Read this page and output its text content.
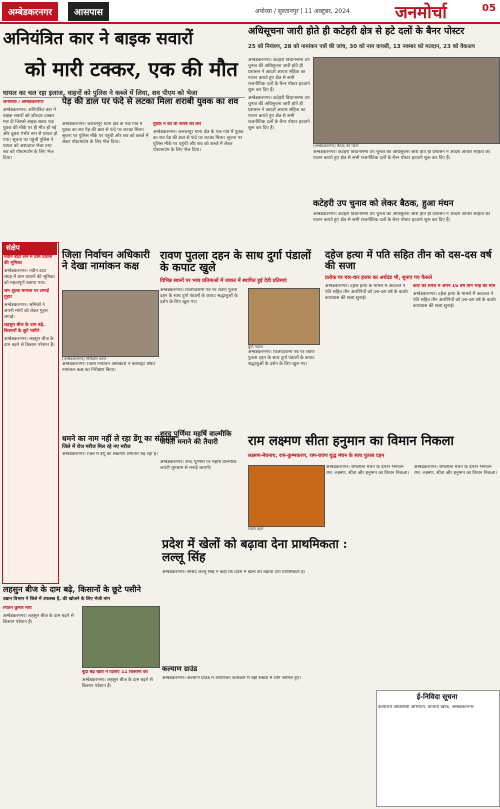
अम्बेडकरनगर	आसपास	अयोध्या / सुल्तानपुर | 11 अक्टूबर, 2024	जनमोर्चा	05
अनियंत्रित कार ने बाइक सवारों
को मारी टक्कर, एक की मौत
घायल का चल रहा इलाज, वाहनों को पुलिस ने कब्जे में लिया, शव पीएम को भेजा

जनमोर्चा / अम्बेडकरनगर

अम्बेडकरनगर। अनियंत्रित कार ने बाइक सवारों को जोरदार टक्कर मार दी जिससे बाइक सवार एक युवक की मौके पर ही मौत हो गई और दूसरा गंभीर रूप से घायल हो गया। सूचना पर पहुंची पुलिस ने घायल को अस्पताल भेजा तथा शव को पोस्टमार्टम के लिए भेज दिया।

पेड़ की डाल पर फंदे से लटका मिला शराबी युवक का शव

अम्बेडकरनगर। जलालपुर थाना क्षेत्र के एक गांव में युवक का शव पेड़ की डाल से फंदे पर लटका मिला। सूचना पर पुलिस मौके पर पहुंची और शव को कब्जे में लेकर पोस्टमार्टम के लिए भेज दिया।

युवक ने की थी शराब की लत

अम्बेडकरनगर। जलालपुर थाना क्षेत्र के एक गांव में युवक का शव पेड़ की डाल से फंदे पर लटका मिला। सूचना पर पुलिस मौके पर पहुंची और शव को कब्जे में लेकर पोस्टमार्टम के लिए भेज दिया।

अधिसूचना जारी होते ही कटेहरी क्षेत्र से हटे दलों के बैनर पोस्टर
25 को नियंत्रण, 28 को नामांकन पत्रों की जांच, 30 को नाम वापसी, 13 नवम्बर को मतदान, 23 को वेकअप

अम्बेडकरनगर। कटेहरी विधानसभा उप चुनाव की अधिसूचना जारी होते ही प्रशासन ने आदर्श आचार संहिता का पालन कराते हुए क्षेत्र से सभी राजनीतिक दलों के बैनर पोस्टर हटवाने शुरू कर दिए हैं।

अम्बेडकरनगर। कटेहरी विधानसभा उप चुनाव की अधिसूचना जारी होते ही प्रशासन ने आदर्श आचार संहिता का पालन कराते हुए क्षेत्र से सभी राजनीतिक दलों के बैनर पोस्टर हटवाने शुरू कर दिए हैं।

(अम्बेडकरनगर) बैठक की फोटो

अम्बेडकरनगर। कटेहरी विधानसभा उप चुनाव की अधिसूचना जारी होते ही प्रशासन ने आदर्श आचार संहिता का पालन कराते हुए क्षेत्र से सभी राजनीतिक दलों के बैनर पोस्टर हटवाने शुरू कर दिए हैं।

कटेहरी उप चुनाव को लेकर बैठक, हुआ मंथन

अम्बेडकरनगर। कटेहरी विधानसभा उप चुनाव की अधिसूचना जारी होते ही प्रशासन ने आदर्श आचार संहिता का पालन कराते हुए क्षेत्र से सभी राजनीतिक दलों के बैनर पोस्टर हटवाने शुरू कर दिए हैं।

संक्षेप

नवीन डाटा लेने में ग्राम प्रधानों की भूमिका

अम्बेडकरनगर। नवीन डाटा संग्रह में ग्राम प्रधानों की भूमिका को महत्वपूर्ण बताया गया।

श्रम शुल्क मामला पर लगाई गुहार

अम्बेडकरनगर। श्रमिकों ने अपनी मांगों को लेकर गुहार लगाई।

लहसुन बीज के दाम बढ़े, किसानों के छूटे पसीने

अम्बेडकरनगर। लहसुन बीज के दाम बढ़ने से किसान परेशान हैं।

जिला निर्वाचन अधिकारी ने देखा नामांकन कक्ष
(अम्बेडकरनगर) निरीक्षण करते

अम्बेडकरनगर। जिला निर्वाचन अधिकारी ने कलेक्ट्रेट स्थित नामांकन कक्ष का निरीक्षण किया।

धमने का नाम नहीं ले रहा डेंगू का संक्रमण
जिले में रोज मरीज मिल रहे नए मरीज

अम्बेडकरनगर। जिले में डेंगू का संक्रमण लगातार बढ़ रहा है।

रावण पुतला दहन के साथ दुर्गा पंडालों के कपाट खुले
विभिन्न स्थानों पर भव्य प्रतिमाओं में जाकर में स्थापित हुई देवी प्रतिमाएं

अम्बेडकरनगर। विजयदशमी पर्व पर रावण पुतला दहन के साथ दुर्गा पंडालों के कपाट श्रद्धालुओं के दर्शन के लिए खुल गए।

दुर्गा पंडाल

अम्बेडकरनगर। विजयदशमी पर्व पर रावण पुतला दहन के साथ दुर्गा पंडालों के कपाट श्रद्धालुओं के दर्शन के लिए खुल गए।

दहेज हत्या में पति सहित तीन को दस-दस वर्ष की सजा
प्रत्येक पर चार-चार हजार का अर्थदंड भी, सुनाए गए फैसले

अम्बेडकरनगर। दहेज हत्या के मामले में अदालत ने पति सहित तीन आरोपियों को दस-दस वर्ष के कठोर कारावास की सजा सुनाई।

कोर्ट की शपथ में अपने 16 वर्ष तीन भाह की मौत

अम्बेडकरनगर। दहेज हत्या के मामले में अदालत ने पति सहित तीन आरोपियों को दस-दस वर्ष के कठोर कारावास की सजा सुनाई।

शरद पूर्णिमा महर्षि वाल्मीकि जयंती मनाने की तैयारी

अम्बेडकरनगर। शरद पूर्णिमा पर महर्षि वाल्मीकि जयंती धूमधाम से मनाई जाएगी।

राम लक्ष्मण सीता हनुमान का विमान निकला
लक्ष्मण-मेघनाथ, राम-कुम्भकरण, राम-रावण युद्ध मंचन के साथ पुतला दहन
रावण दहन

अम्बेडकरनगर। रामलीला मंचन के दौरान भगवान राम, लक्ष्मण, सीता और हनुमान का विमान निकला।

अम्बेडकरनगर। रामलीला मंचन के दौरान भगवान राम, लक्ष्मण, सीता और हनुमान का विमान निकला।

लहसुन बीज के दाम बढ़े, किसानों के छूटे पसीने
उद्यान विभाग ने जिले में उपलब्ध है, की खोजने के लिए भेजी मांग

नितिन कुमार मौर्य

अम्बेडकरनगर। लहसुन बीज के दाम बढ़ने से किसान परेशान हैं।

बूदी बढ़ खेती ने दिलाए 11 किसानों को

अम्बेडकरनगर। लहसुन बीज के दाम बढ़ने से किसान परेशान हैं।

प्रदेश में खेलों को बढ़ावा देना प्राथमिकता : लल्लू सिंह

अम्बेडकरनगर। सांसद लल्लू सिंह ने कहा कि प्रदेश में खेलों को बढ़ावा देना प्राथमिकता है।

कल्याण ग्राउंड

अम्बेडकरनगर। कल्याण ग्राउंड में आयोजित कार्यक्रम में बड़ी संख्या में लोग शामिल हुए।

ई-निविदा सूचना

कार्यालय अधिशासी अभियंता, प्रान्तीय खण्ड, अम्बेडकरनगर
